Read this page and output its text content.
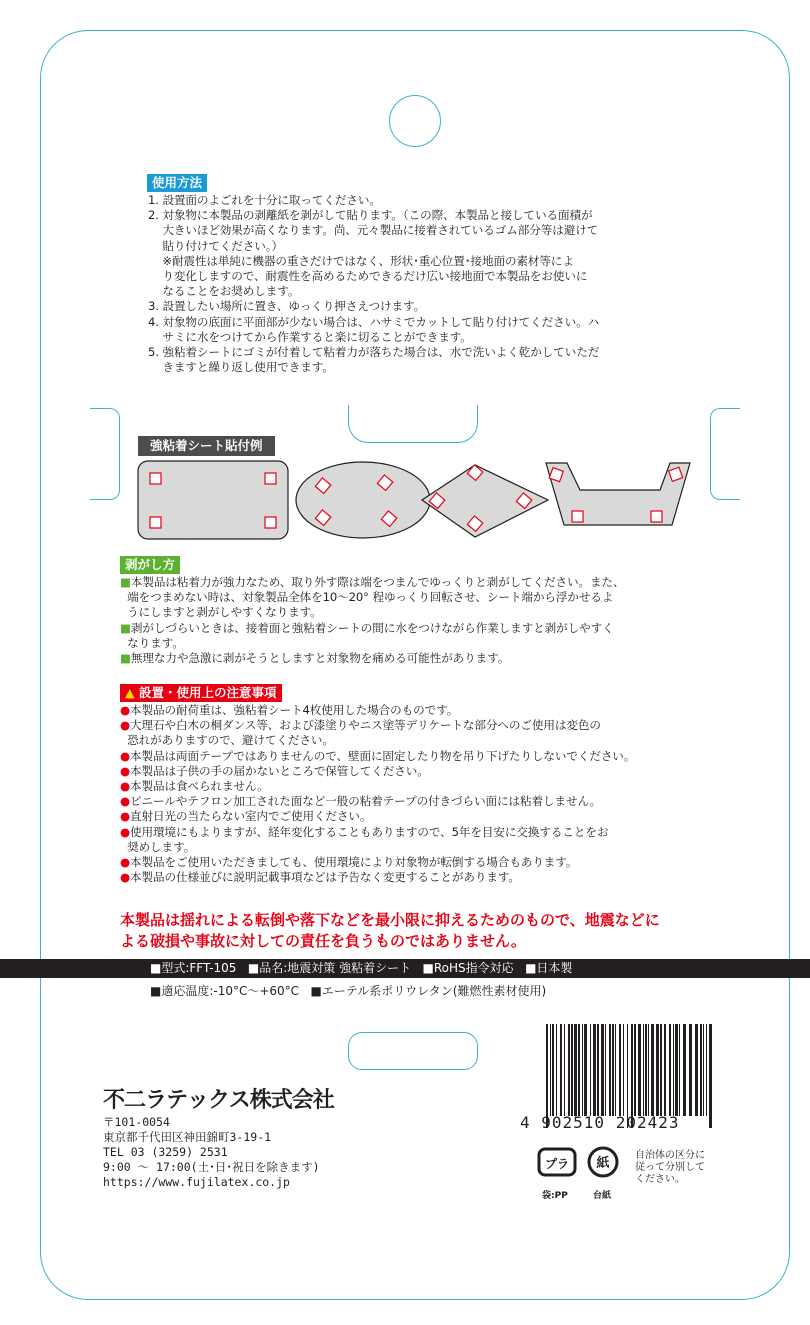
使用方法
1. 設置面のよごれを十分に取ってください。
2. 対象物に本製品の剥離紙を剥がして貼ります。（この際、本製品と接している面積が
大きいほど効果が高くなります。尚、元々製品に接着されているゴム部分等は避けて
貼り付けてください。）
※耐震性は単純に機器の重さだけではなく、形状･重心位置･接地面の素材等によ
り変化しますので、耐震性を高めるためできるだけ広い接地面で本製品をお使いに
なることをお奨めします。
3. 設置したい場所に置き、ゆっくり押さえつけます。
4. 対象物の底面に平面部が少ない場合は、ハサミでカットして貼り付けてください。ハ
サミに水をつけてから作業すると楽に切ることができます。
5. 強粘着シートにゴミが付着して粘着力が落ちた場合は、水で洗いよく乾かしていただ
きますと繰り返し使用できます。
強粘着シート貼付例
剥がし方
■本製品は粘着力が強力なため、取り外す際は端をつまんでゆっくりと剥がしてください。また、
端をつまめない時は、対象製品全体を10〜20° 程ゆっくり回転させ、シート端から浮かせるよ
うにしますと剥がしやすくなります。
■剥がしづらいときは、接着面と強粘着シートの間に水をつけながら作業しますと剥がしやすく
なります。
■無理な力や急激に剥がそうとしますと対象物を痛める可能性があります。
▲ 設置・使用上の注意事項
●本製品の耐荷重は、強粘着シート4枚使用した場合のものです。
●大理石や白木の桐ダンス等、および漆塗りやニス塗等デリケートな部分へのご使用は変色の
恐れがありますので、避けてください。
●本製品は両面テープではありませんので、壁面に固定したり物を吊り下げたりしないでください。
●本製品は子供の手の届かないところで保管してください。
●本製品は食べられません。
●ビニールやテフロン加工された面など一般の粘着テープの付きづらい面には粘着しません。
●直射日光の当たらない室内でご使用ください。
●使用環境にもよりますが、経年変化することもありますので、5年を目安に交換することをお
奨めします。
●本製品をご使用いただきましても、使用環境により対象物が転倒する場合もあります。
●本製品の仕様並びに説明記載事項などは予告なく変更することがあります。
本製品は揺れによる転倒や落下などを最小限に抑えるためのもので、地震などに
よる破損や事故に対しての責任を負うものではありません。
■型式:FFT-105   ■品名:地震対策 強粘着シート   ■RoHS指令対応   ■日本製
■適応温度:-10°C〜+60°C   ■エーテル系ポリウレタン(難燃性素材使用)
不二ラテックス株式会社
〒101-0054
東京都千代田区神田錦町3-19-1
TEL 03 (3259) 2531
9:00 〜 17:00(土･日･祝日を除きます)
https://www.fujilatex.co.jp
4 902510 202423
プラ 紙
袋:PP	台紙
自治体の区分に
従って分別して
ください。
